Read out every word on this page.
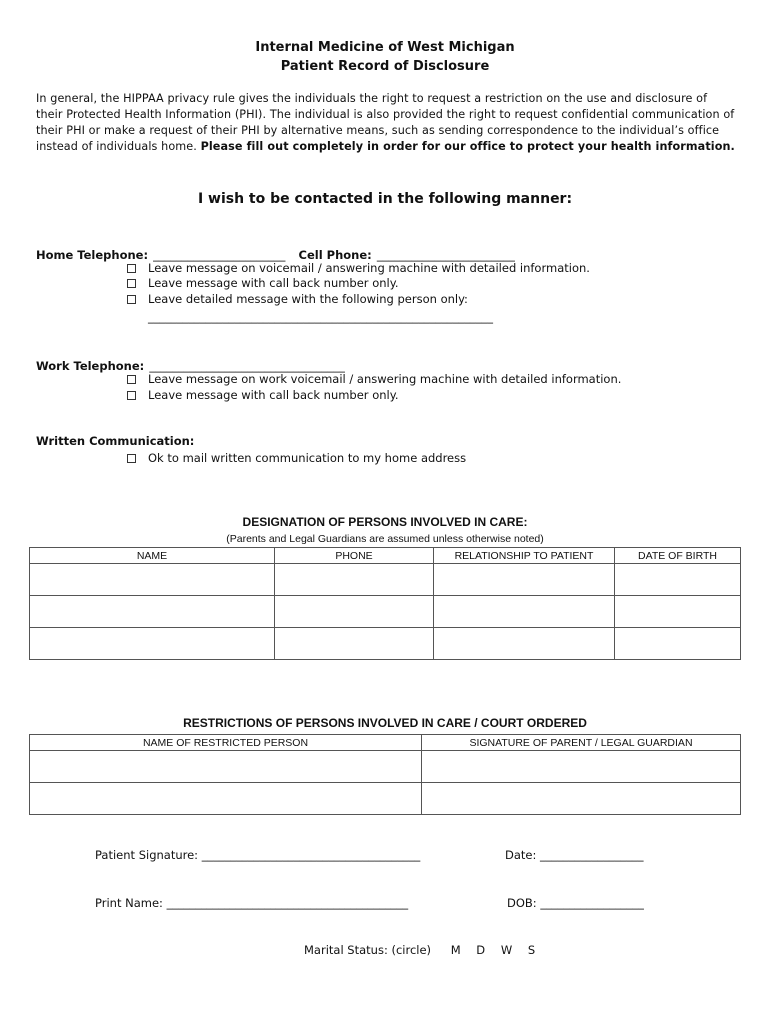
Internal Medicine of West Michigan
Patient Record of Disclosure
In general, the HIPPAA privacy rule gives the individuals the right to request a restriction on the use and disclosure of their Protected Health Information (PHI). The individual is also provided the right to request confidential communication of their PHI or make a request of their PHI by alternative means, such as sending correspondence to the individual’s office instead of individuals home. Please fill out completely in order for our office to protect your health information.
I wish to be contacted in the following manner:
Home Telephone: _______________________ Cell Phone: ________________________
Leave message on voicemail / answering machine with detailed information.
Leave message with call back number only.
Leave detailed message with the following person only:
____________________________________________________________
Work Telephone: __________________________________
Leave message on work voicemail / answering machine with detailed information.
Leave message with call back number only.
Written Communication:
Ok to mail written communication to my home address
DESIGNATION OF PERSONS INVOLVED IN CARE:
(Parents and Legal Guardians are assumed unless otherwise noted)
NAME	PHONE	RELATIONSHIP TO PATIENT	DATE OF BIRTH

RESTRICTIONS OF PERSONS INVOLVED IN CARE / COURT ORDERED
NAME OF RESTRICTED PERSON	SIGNATURE OF PARENT / LEGAL GUARDIAN

Patient Signature: ______________________________________	Date: __________________
Print Name: __________________________________________	DOB: __________________
Marital Status: (circle) M D W S
